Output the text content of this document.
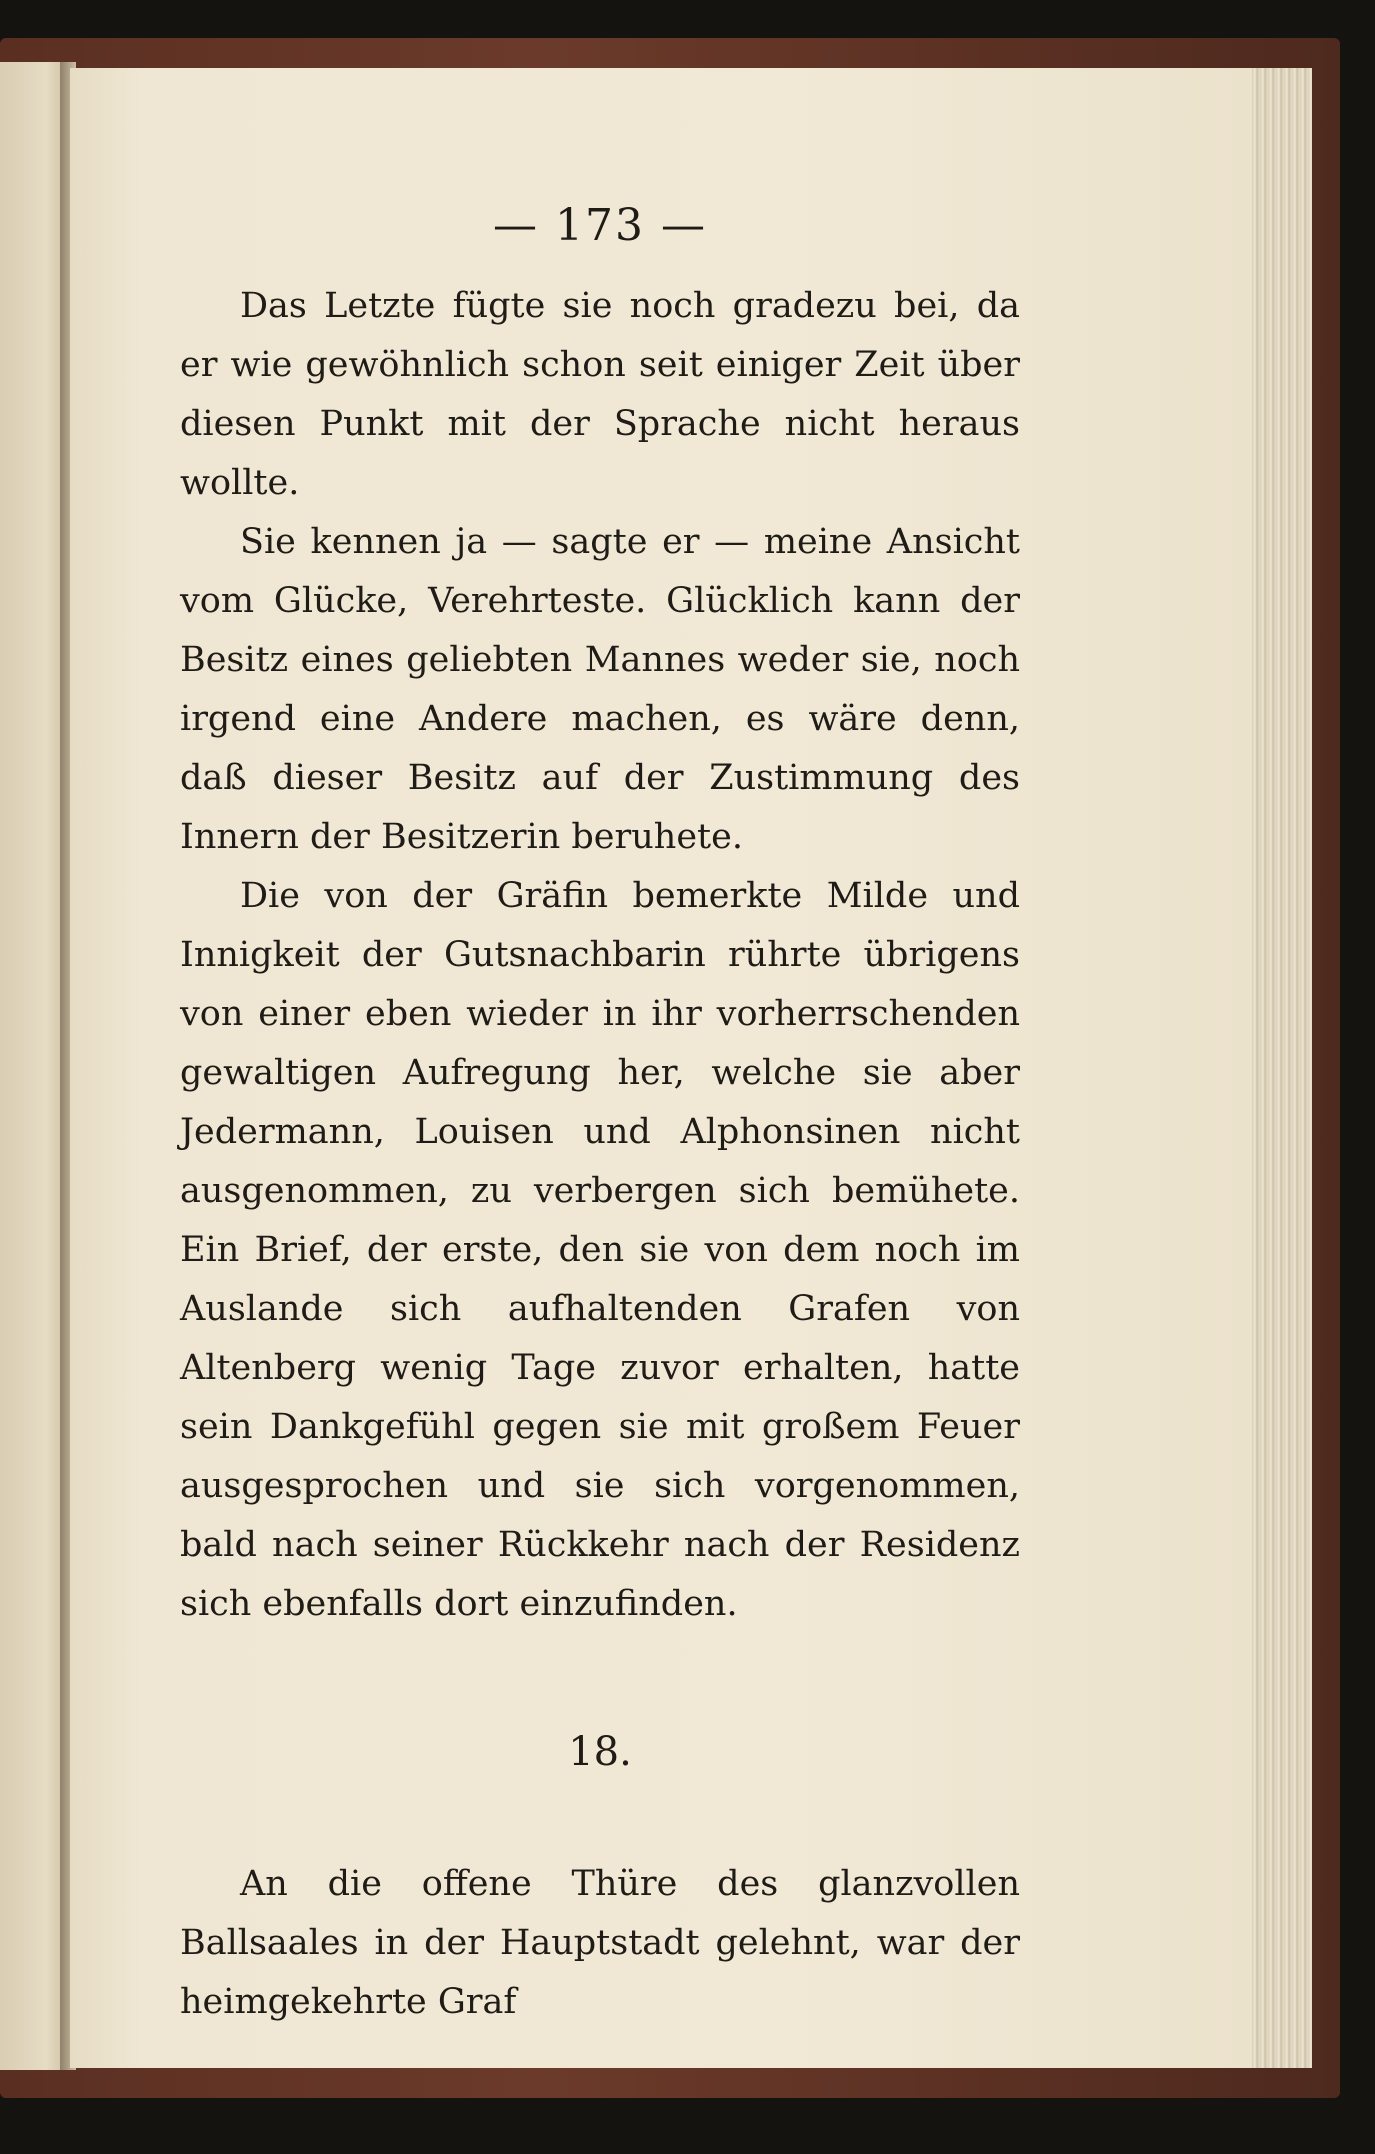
— 173 —

Das Letzte fügte sie noch gradezu bei, da er wie gewöhnlich schon seit einiger Zeit über diesen Punkt mit der Sprache nicht heraus wollte.

Sie kennen ja — sagte er — meine Ansicht vom Glücke, Verehrteste. Glücklich kann der Besitz eines geliebten Mannes weder sie, noch irgend eine Andere machen, es wäre denn, daß dieser Besitz auf der Zustimmung des Innern der Besitzerin beruhete.

Die von der Gräfin bemerkte Milde und Innigkeit der Gutsnachbarin rührte übrigens von einer eben wieder in ihr vorherrschenden gewaltigen Aufregung her, welche sie aber Jedermann, Louisen und Alphonsinen nicht ausgenommen, zu verbergen sich bemühete. Ein Brief, der erste, den sie von dem noch im Auslande sich aufhaltenden Grafen von Altenberg wenig Tage zuvor erhalten, hatte sein Dankgefühl gegen sie mit großem Feuer ausgesprochen und sie sich vorgenommen, bald nach seiner Rückkehr nach der Residenz sich ebenfalls dort einzufinden.

18.

An die offene Thüre des glanzvollen Ballsaales in der Hauptstadt gelehnt, war der heimgekehrte Graf
